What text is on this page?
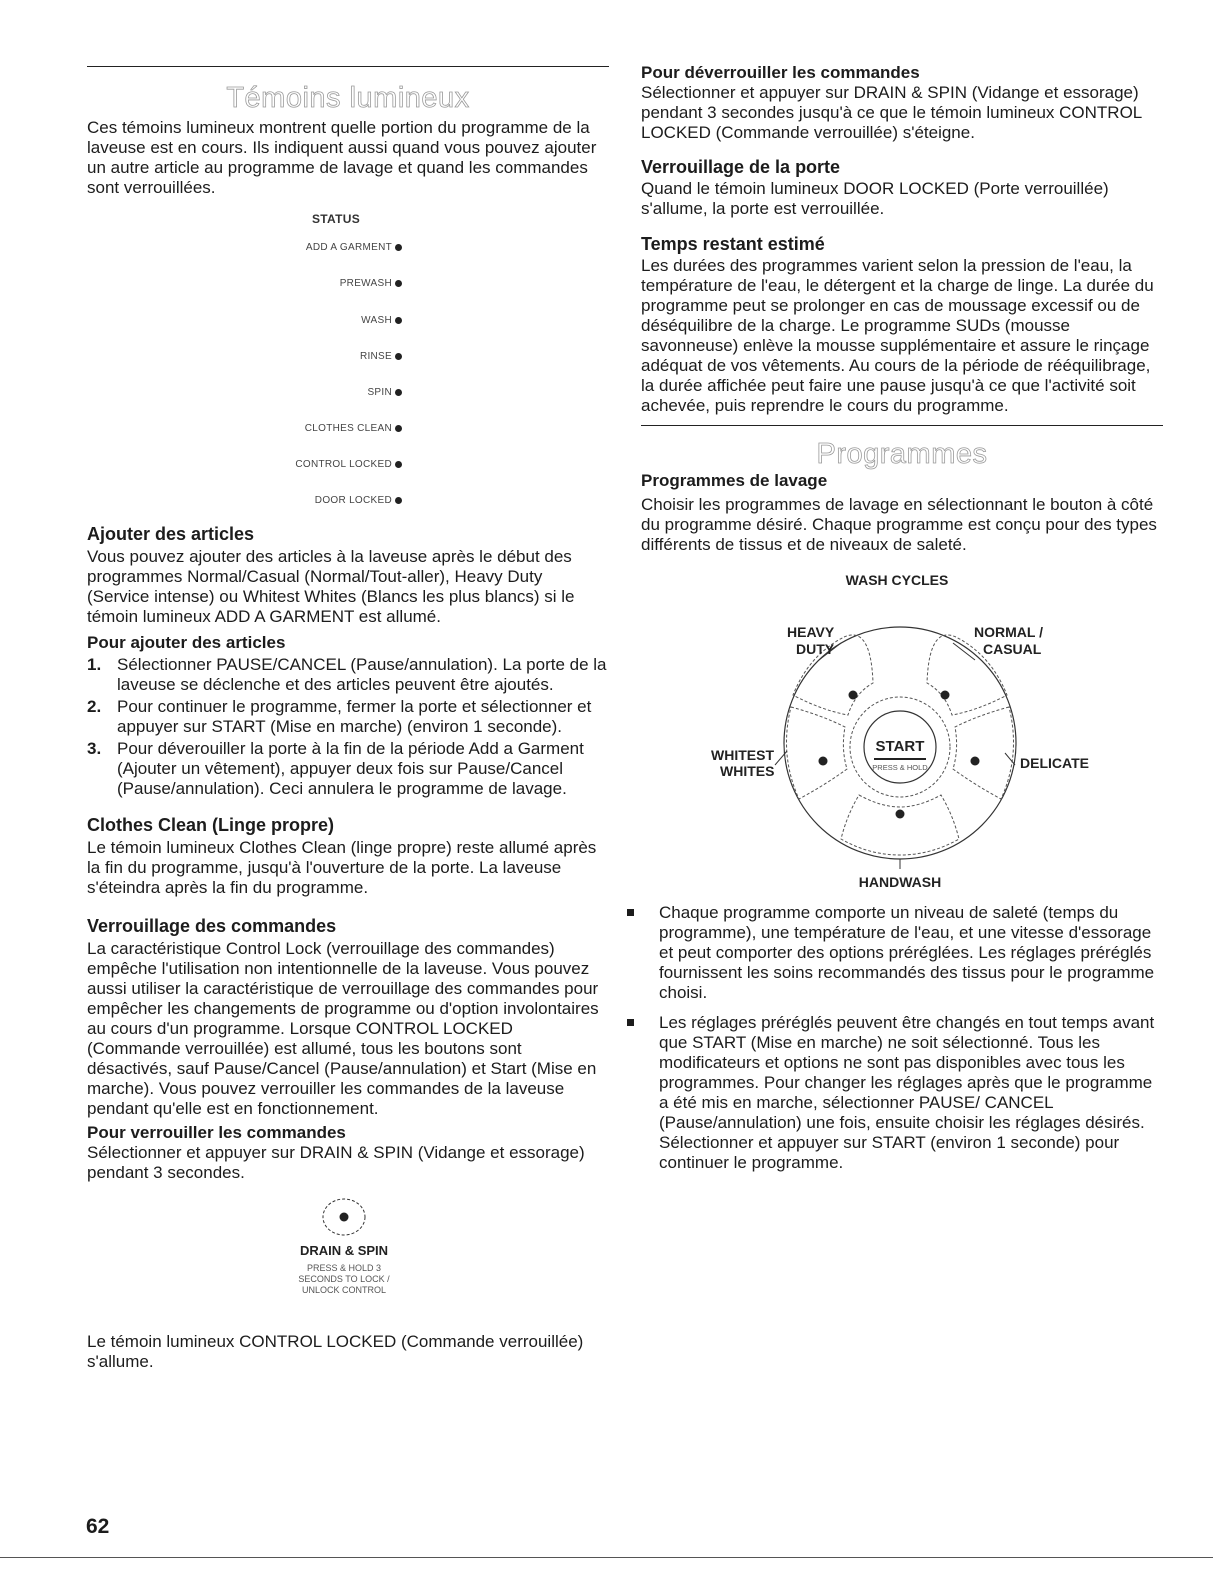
Témoins lumineux

Ces témoins lumineux montrent quelle portion du programme de la laveuse est en cours. Ils indiquent aussi quand vous pouvez ajouter un autre article au programme de lavage et quand les commandes sont verrouillées.

STATUS
ADD A GARMENT
PREWASH
WASH
RINSE
SPIN
CLOTHES CLEAN
CONTROL LOCKED
DOOR LOCKED
Ajouter des articles

Vous pouvez ajouter des articles à la laveuse après le début des programmes Normal/Casual (Normal/Tout-aller), Heavy Duty (Service intense) ou Whitest Whites (Blancs les plus blancs) si le témoin lumineux ADD A GARMENT est allumé.

Pour ajouter des articles
1. Sélectionner PAUSE/CANCEL (Pause/annulation). La porte de la laveuse se déclenche et des articles peuvent être ajoutés.
2. Pour continuer le programme, fermer la porte et sélectionner et appuyer sur START (Mise en marche) (environ 1 seconde).
3. Pour déverouiller la porte à la fin de la période Add a Garment (Ajouter un vêtement), appuyer deux fois sur Pause/Cancel (Pause/annulation). Ceci annulera le programme de lavage.
Clothes Clean (Linge propre)

Le témoin lumineux Clothes Clean (linge propre) reste allumé après la fin du programme, jusqu'à l'ouverture de la porte. La laveuse s'éteindra après la fin du programme.

Verrouillage des commandes

La caractéristique Control Lock (verrouillage des commandes) empêche l'utilisation non intentionnelle de la laveuse. Vous pouvez aussi utiliser la caractéristique de verrouillage des commandes pour empêcher les changements de programme ou d'option involontaires au cours d'un programme. Lorsque CONTROL LOCKED (Commande verrouillée) est allumé, tous les boutons sont désactivés, sauf Pause/Cancel (Pause/annulation) et Start (Mise en marche). Vous pouvez verrouiller les commandes de la laveuse pendant qu'elle est en fonctionnement.

Pour verrouiller les commandes

Sélectionner et appuyer sur DRAIN & SPIN (Vidange et essorage) pendant 3 secondes.

DRAIN & SPIN
PRESS & HOLD 3
SECONDS TO LOCK /
UNLOCK CONTROL

Le témoin lumineux CONTROL LOCKED (Commande verrouillée) s'allume.

Pour déverrouiller les commandes

Sélectionner et appuyer sur DRAIN & SPIN (Vidange et essorage) pendant 3 secondes jusqu'à ce que le témoin lumineux CONTROL LOCKED (Commande verrouillée) s'éteigne.

Verrouillage de la porte

Quand le témoin lumineux DOOR LOCKED (Porte verrouillée) s'allume, la porte est verrouillée.

Temps restant estimé

Les durées des programmes varient selon la pression de l'eau, la température de l'eau, le détergent et la charge de linge. La durée du programme peut se prolonger en cas de moussage excessif ou de déséquilibre de la charge. Le programme SUDs (mousse savonneuse) enlève la mousse supplémentaire et assure le rinçage adéquat de vos vêtements. Au cours de la période de rééquilibrage, la durée affichée peut faire une pause jusqu'à ce que l'activité soit achevée, puis reprendre le cours du programme.

Programmes
Programmes de lavage

Choisir les programmes de lavage en sélectionnant le bouton à côté du programme désiré. Chaque programme est conçu pour des types différents de tissus et de niveaux de saleté.

WASH CYCLES
START
PRESS & HOLD
HEAVY
DUTY
NORMAL /
CASUAL
WHITEST
WHITES	DELICATE
HANDWASH
Chaque programme comporte un niveau de saleté (temps du programme), une température de l'eau, et une vitesse d'essorage et peut comporter des options préréglées. Les réglages préréglés fournissent les soins recommandés des tissus pour le programme choisi.
Les réglages préréglés peuvent être changés en tout temps avant que START (Mise en marche) ne soit sélectionné. Tous les modificateurs et options ne sont pas disponibles avec tous les programmes. Pour changer les réglages après que le programme a été mis en marche, sélectionner PAUSE/ CANCEL (Pause/annulation) une fois, ensuite choisir les réglages désirés. Sélectionner et appuyer sur START (environ 1 seconde) pour continuer le programme.
62
